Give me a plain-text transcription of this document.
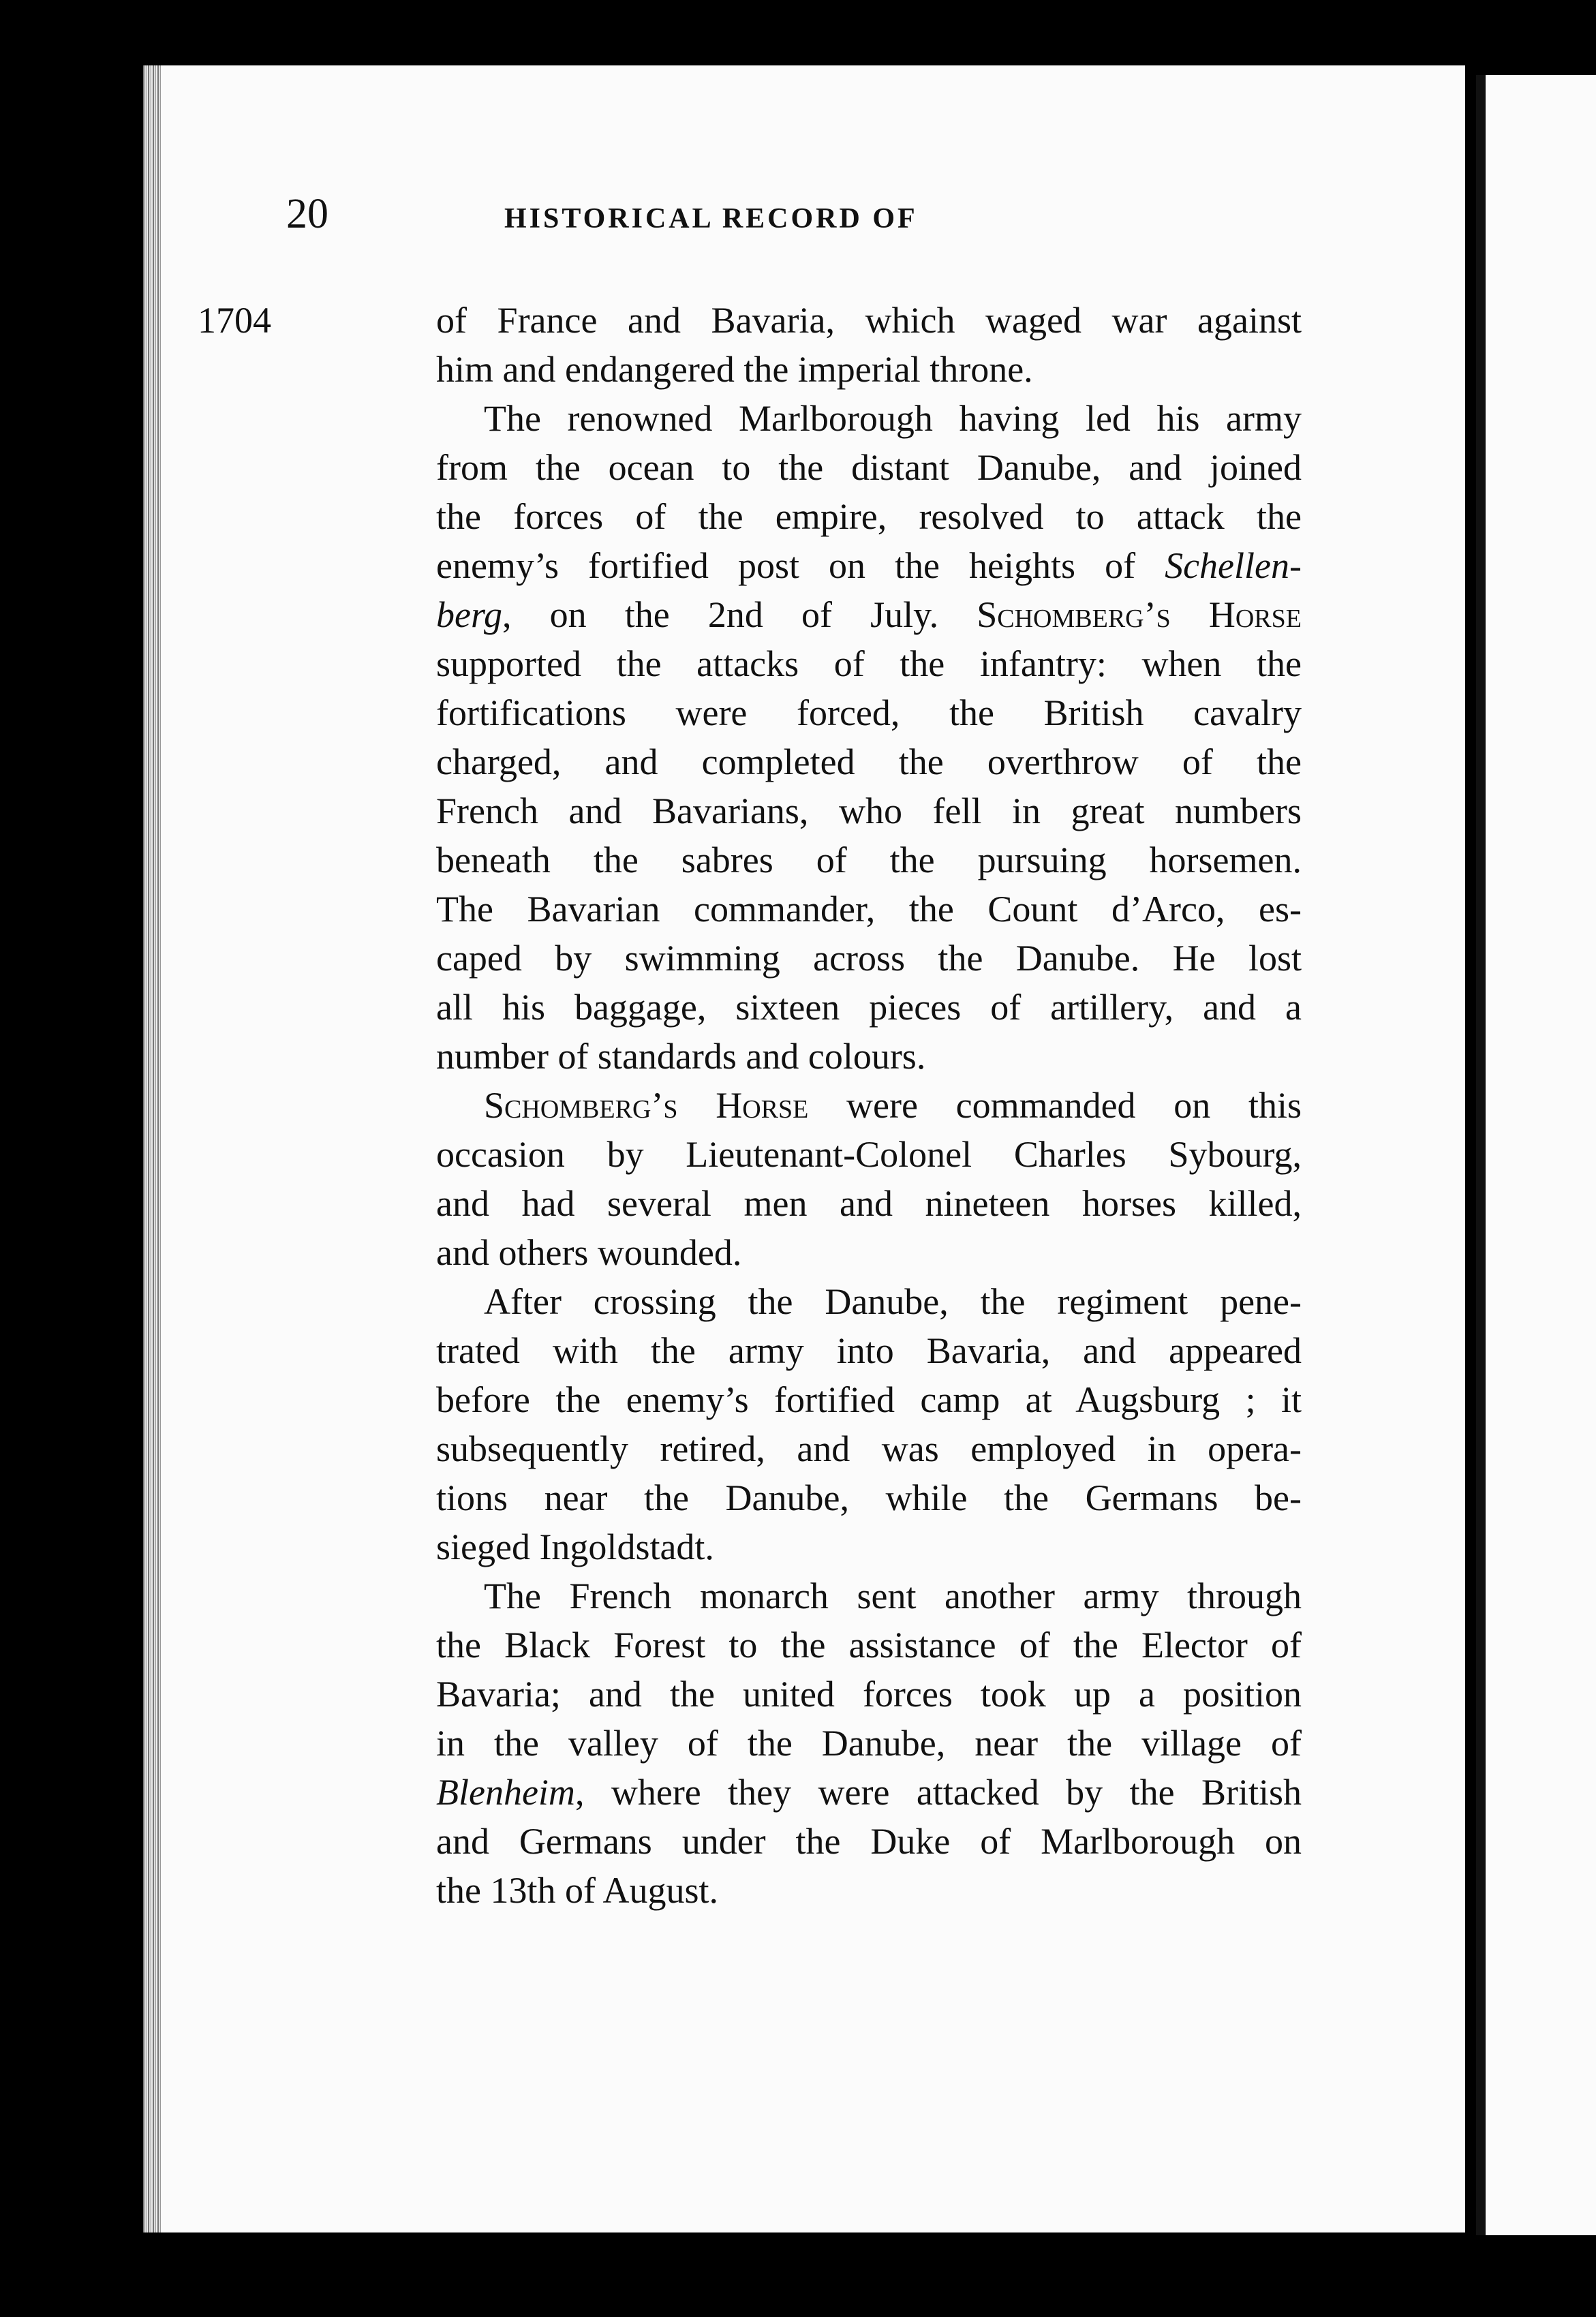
20	HISTORICAL RECORD OF
1704	of France and Bavaria, which waged war against
him and endangered the imperial throne.
The renowned Marlborough having led his army
from the ocean to the distant Danube, and joined
the forces of the empire, resolved to attack the
enemy’s fortified post on the heights of Schellen-
berg, on the 2nd of July. Schomberg’s Horse
supported the attacks of the infantry: when the
fortifications were forced, the British cavalry
charged, and completed the overthrow of the
French and Bavarians, who fell in great numbers
beneath the sabres of the pursuing horsemen.
The Bavarian commander, the Count d’Arco, es-
caped by swimming across the Danube. He lost
all his baggage, sixteen pieces of artillery, and a
number of standards and colours.
Schomberg’s Horse were commanded on this
occasion by Lieutenant-Colonel Charles Sybourg,
and had several men and nineteen horses killed,
and others wounded.
After crossing the Danube, the regiment pene-
trated with the army into Bavaria, and appeared
before the enemy’s fortified camp at Augsburg ; it
subsequently retired, and was employed in opera-
tions near the Danube, while the Germans be-
sieged Ingoldstadt.
The French monarch sent another army through
the Black Forest to the assistance of the Elector of
Bavaria; and the united forces took up a position
in the valley of the Danube, near the village of
Blenheim, where they were attacked by the British
and Germans under the Duke of Marlborough on
the 13th of August.
